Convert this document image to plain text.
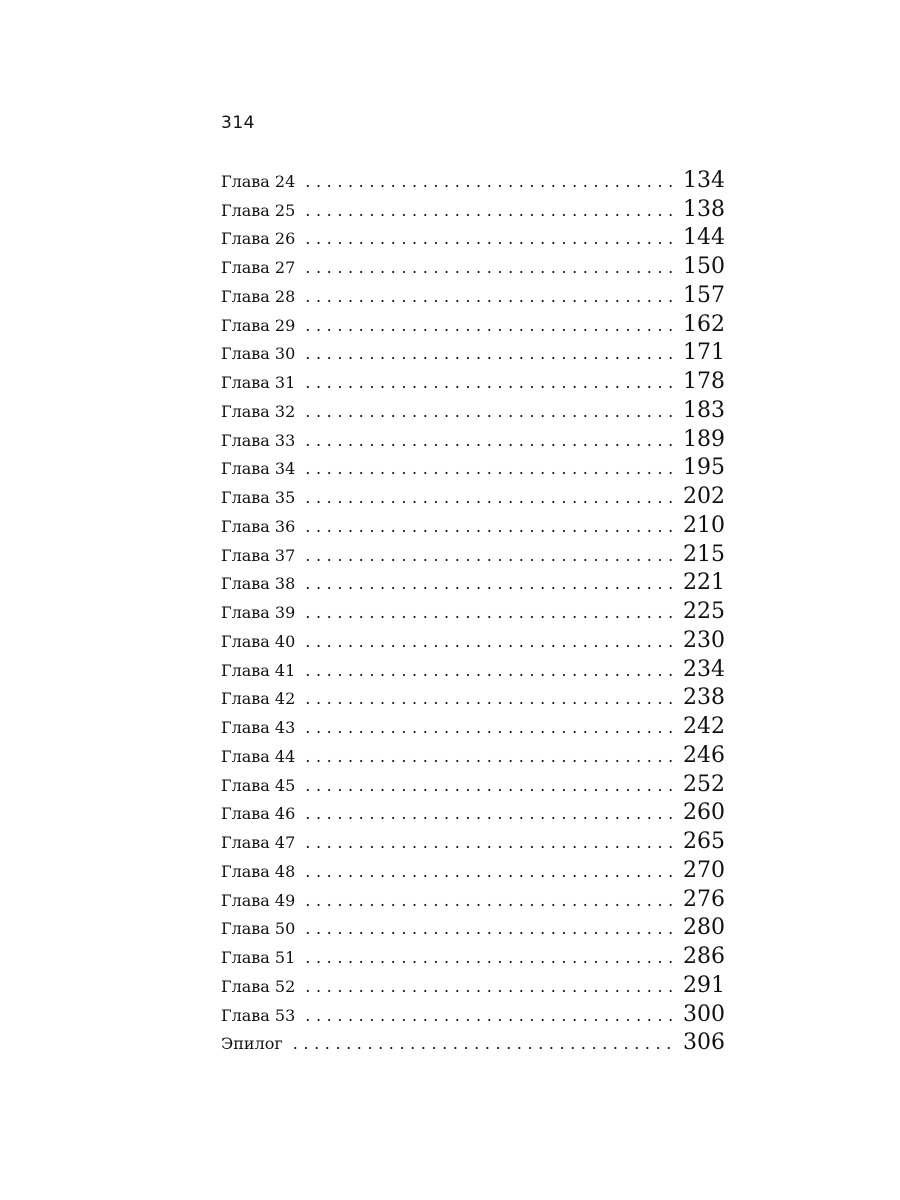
314
Глава 24 . . .	134
Глава 25 . . .	138
Глава 26 . . .	144
Глава 27 . . .	150
Глава 28 . . .	157
Глава 29 . . .	162
Глава 30 . . .	171
Глава 31 . . .	178
Глава 32 . . .	183
Глава 33 . . .	189
Глава 34 . . .	195
Глава 35 . . .	202
Глава 36 . . .	210
Глава 37 . . .	215
Глава 38 . . .	221
Глава 39 . . .	225
Глава 40 . . .	230
Глава 41 . . .	234
Глава 42 . . .	238
Глава 43 . . .	242
Глава 44 . . .	246
Глава 45 . . .	252
Глава 46 . . .	260
Глава 47 . . .	265
Глава 48 . . .	270
Глава 49 . . .	276
Глава 50 . . .	280
Глава 51 . . .	286
Глава 52 . . .	291
Глава 53 . . .	300
Эпилог . . .	306
